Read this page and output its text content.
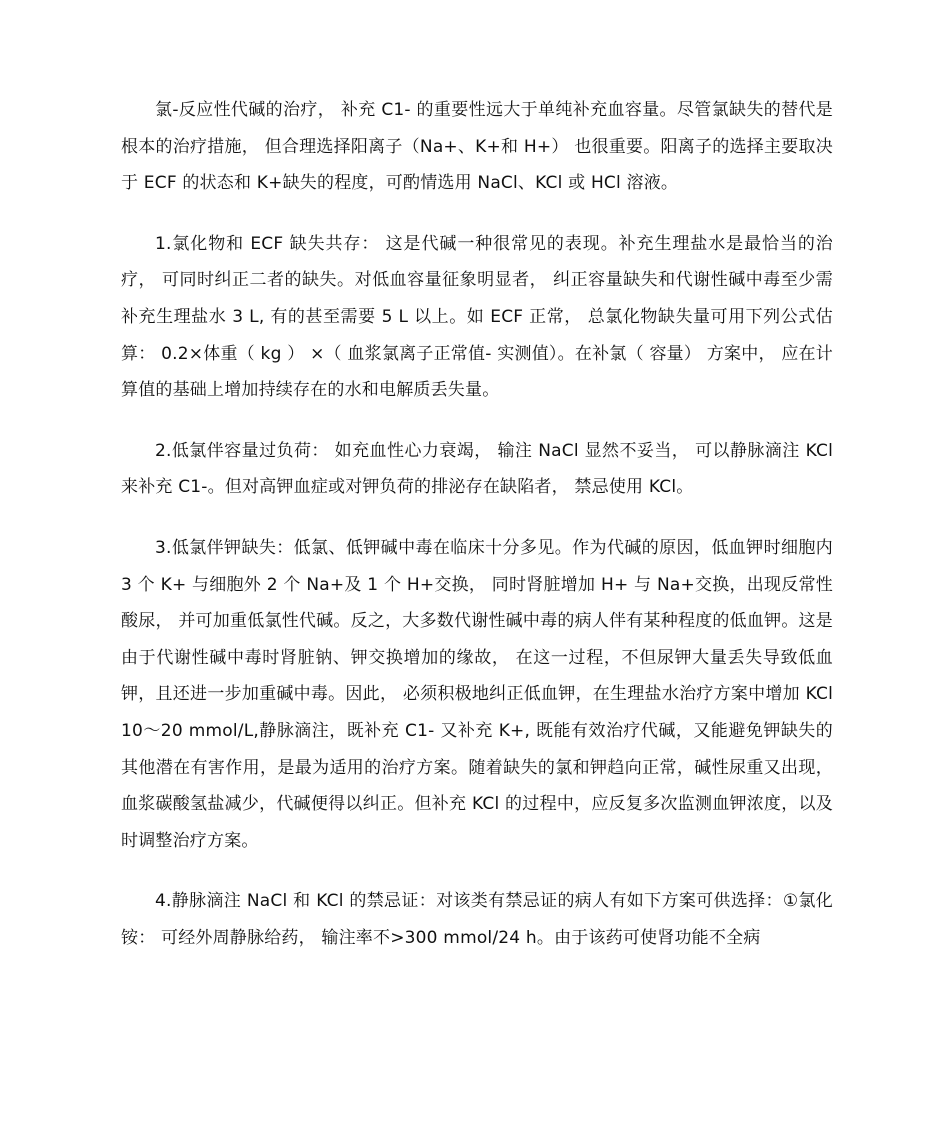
氯-反应性代碱的治疗， 补充 C1- 的重要性远大于单纯补充血容量。尽管氯缺失的替代是根本的治疗措施， 但合理选择阳离子（Na+、K+和 H+） 也很重要。阳离子的选择主要取决于 ECF 的状态和 K+缺失的程度，可酌情选用 NaCl、KCl 或 HCl 溶液。

1.氯化物和 ECF 缺失共存： 这是代碱一种很常见的表现。补充生理盐水是最恰当的治疗， 可同时纠正二者的缺失。对低血容量征象明显者， 纠正容量缺失和代谢性碱中毒至少需补充生理盐水 3 L, 有的甚至需要 5 L 以上。如 ECF 正常， 总氯化物缺失量可用下列公式估算： 0.2×体重（ kg ） ×（ 血浆氯离子正常值- 实测值）。在补氯（ 容量） 方案中， 应在计算值的基础上增加持续存在的水和电解质丢失量。

2.低氯伴容量过负荷： 如充血性心力衰竭， 输注 NaCl 显然不妥当， 可以静脉滴注 KCl 来补充 C1-。但对高钾血症或对钾负荷的排泌存在缺陷者， 禁忌使用 KCl。

3.低氯伴钾缺失：低氯、低钾碱中毒在临床十分多见。作为代碱的原因，低血钾时细胞内 3 个 K+ 与细胞外 2 个 Na+及 1 个 H+交换， 同时肾脏增加 H+ 与 Na+交换，出现反常性酸尿， 并可加重低氯性代碱。反之，大多数代谢性碱中毒的病人伴有某种程度的低血钾。这是由于代谢性碱中毒时肾脏钠、钾交换增加的缘故， 在这一过程，不但尿钾大量丢失导致低血钾，且还进一步加重碱中毒。因此， 必须积极地纠正低血钾，在生理盐水治疗方案中增加 KCl 10～20 mmol/L,静脉滴注，既补充 C1- 又补充 K+, 既能有效治疗代碱，又能避免钾缺失的其他潜在有害作用，是最为适用的治疗方案。随着缺失的氯和钾趋向正常，碱性尿重又出现，血浆碳酸氢盐减少，代碱便得以纠正。但补充 KCl 的过程中，应反复多次监测血钾浓度，以及时调整治疗方案。

4.静脉滴注 NaCl 和 KCl 的禁忌证：对该类有禁忌证的病人有如下方案可供选择：①氯化铵： 可经外周静脉给药， 输注率不>300 mmol/24 h。由于该药可使肾功能不全病
